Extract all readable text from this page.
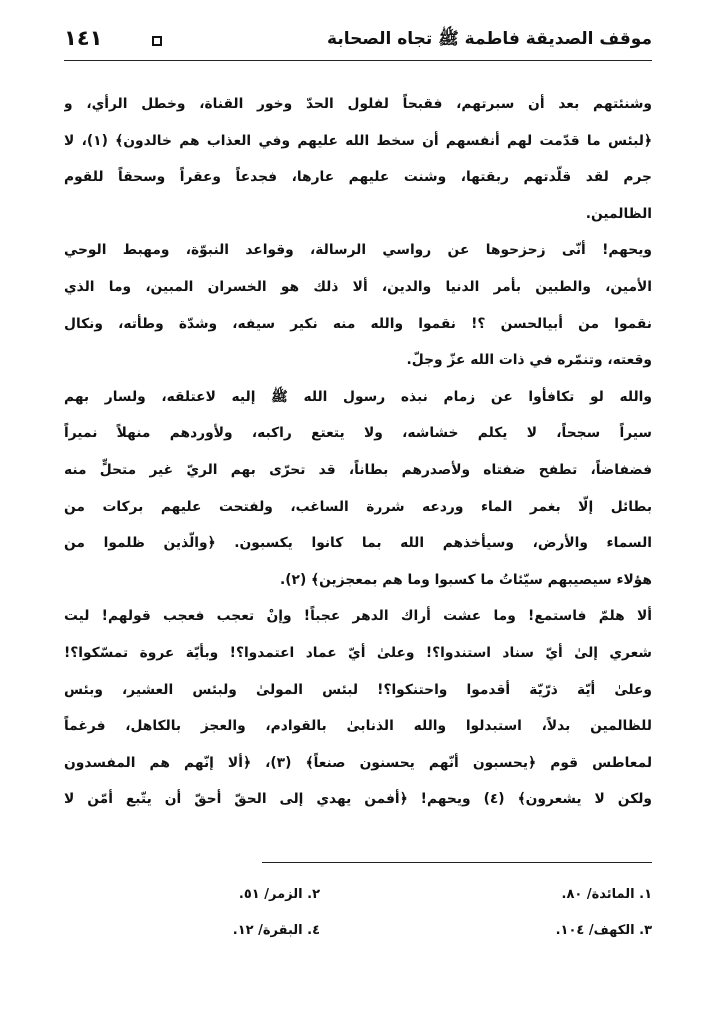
موقف الصديقة فاطمة ﷺ تجاه الصحابة
١٤١
وشنئتهم بعد أن سبرتهم، فقبحاً لفلول الحدّ وخور القناة، وخطل الرأي، و
﴿لبئس ما قدّمت لهم أنفسهم أن سخط الله عليهم وفي العذاب هم خالدون﴾ (١)، لا
جرم لقد قلّدتهم ربقتها، وشنت عليهم عارها، فجدعاً وعقراً وسحقاً للقوم
الظالمين.
ويحهم! أنّى زحزحوها عن رواسي الرسالة، وقواعد النبوّة، ومهبط الوحي
الأمين، والطبين بأمر الدنيا والدين، ألا ذلك هو الخسران المبين، وما الذي
نقموا من أبيالحسن ؟! نقموا والله منه نكير سيفه، وشدّة وطأته، ونكال
وقعته، وتنمّره في ذات الله عزّ وجلّ.
والله لو تكافأوا عن زمام نبذه رسول الله ﷺ إليه لاعتلقه، ولسار بهم
سيراً سجحاً، لا يكلم خشاشه، ولا يتعتع راكبه، ولأوردهم منهلاً نميراً
فضفاضاً، تطفح ضفتاه ولأصدرهم بطاناً، قد تحرّى بهم الريّ غير متحلٍّ منه
بطائل إلّا بغمر الماء وردعه شررة الساغب، ولفتحت عليهم بركات من
السماء والأرض، وسيأخذهم الله بما كانوا يكسبون. ﴿والّذين ظلموا من
هؤلاء سيصيبهم سيّئاتُ ما كسبوا وما هم بمعجزين﴾ (٢).
ألا هلمّ فاستمع! وما عشت أراك الدهر عجباً! وإنْ تعجب فعجب قولهم! ليت
شعري إلىٰ أيّ سناد استندوا؟! وعلىٰ أيّ عماد اعتمدوا؟! وبأيّة عروة تمسّكوا؟!
وعلىٰ أيّة ذرّيّة أقدموا واحتنكوا؟! لبئس المولىٰ ولبئس العشير، وبئس
للظالمين بدلاً، استبدلوا والله الذنابىٰ بالقوادم، والعجز بالكاهل، فرغماً
لمعاطس قوم ﴿يحسبون أنّهم يحسنون صنعاً﴾ (٣)، ﴿ألا إنّهم هم المفسدون
ولكن لا يشعرون﴾ (٤) ويحهم! ﴿أفمن يهدي إلى الحقّ أحقّ أن يتّبع أمّن لا
١. المائدة/ ٨٠.
٢. الزمر/ ٥١.
٣. الكهف/ ١٠٤.
٤. البقرة/ ١٢.
